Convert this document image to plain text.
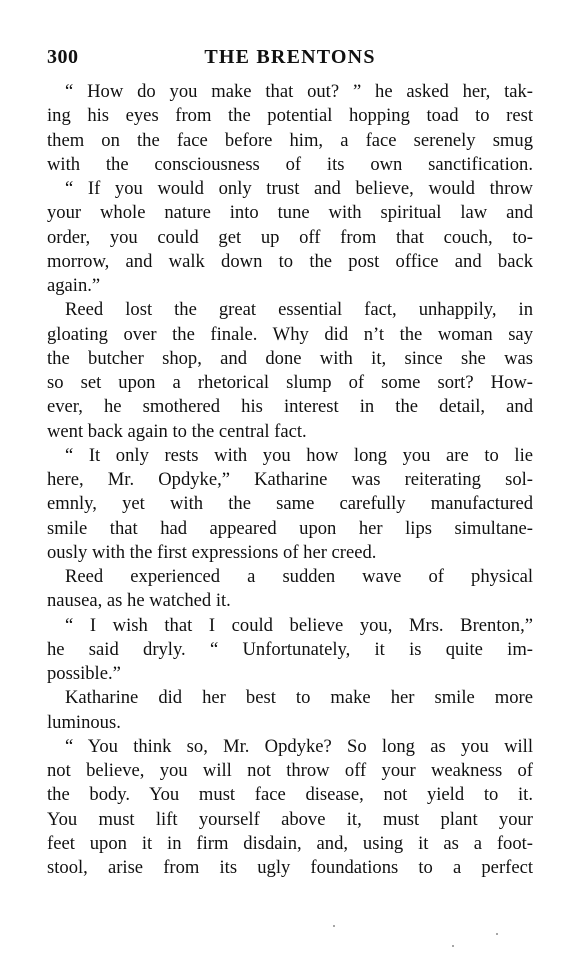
300	THE BRENTONS
“ How do you make that out? ” he asked her, tak-
ing his eyes from the potential hopping toad to rest
them on the face before him, a face serenely smug
with the consciousness of its own sanctification.
“ If you would only trust and believe, would throw
your whole nature into tune with spiritual law and
order, you could get up off from that couch, to-
morrow, and walk down to the post office and back
again.”
Reed lost the great essential fact, unhappily, in
gloating over the finale. Why did n’t the woman say
the butcher shop, and done with it, since she was
so set upon a rhetorical slump of some sort? How-
ever, he smothered his interest in the detail, and
went back again to the central fact.
“ It only rests with you how long you are to lie
here, Mr. Opdyke,” Katharine was reiterating sol-
emnly, yet with the same carefully manufactured
smile that had appeared upon her lips simultane-
ously with the first expressions of her creed.
Reed experienced a sudden wave of physical
nausea, as he watched it.
“ I wish that I could believe you, Mrs. Brenton,”
he said dryly. “ Unfortunately, it is quite im-
possible.”
Katharine did her best to make her smile more
luminous.
“ You think so, Mr. Opdyke? So long as you will
not believe, you will not throw off your weakness of
the body. You must face disease, not yield to it.
You must lift yourself above it, must plant your
feet upon it in firm disdain, and, using it as a foot-
stool, arise from its ugly foundations to a perfect
